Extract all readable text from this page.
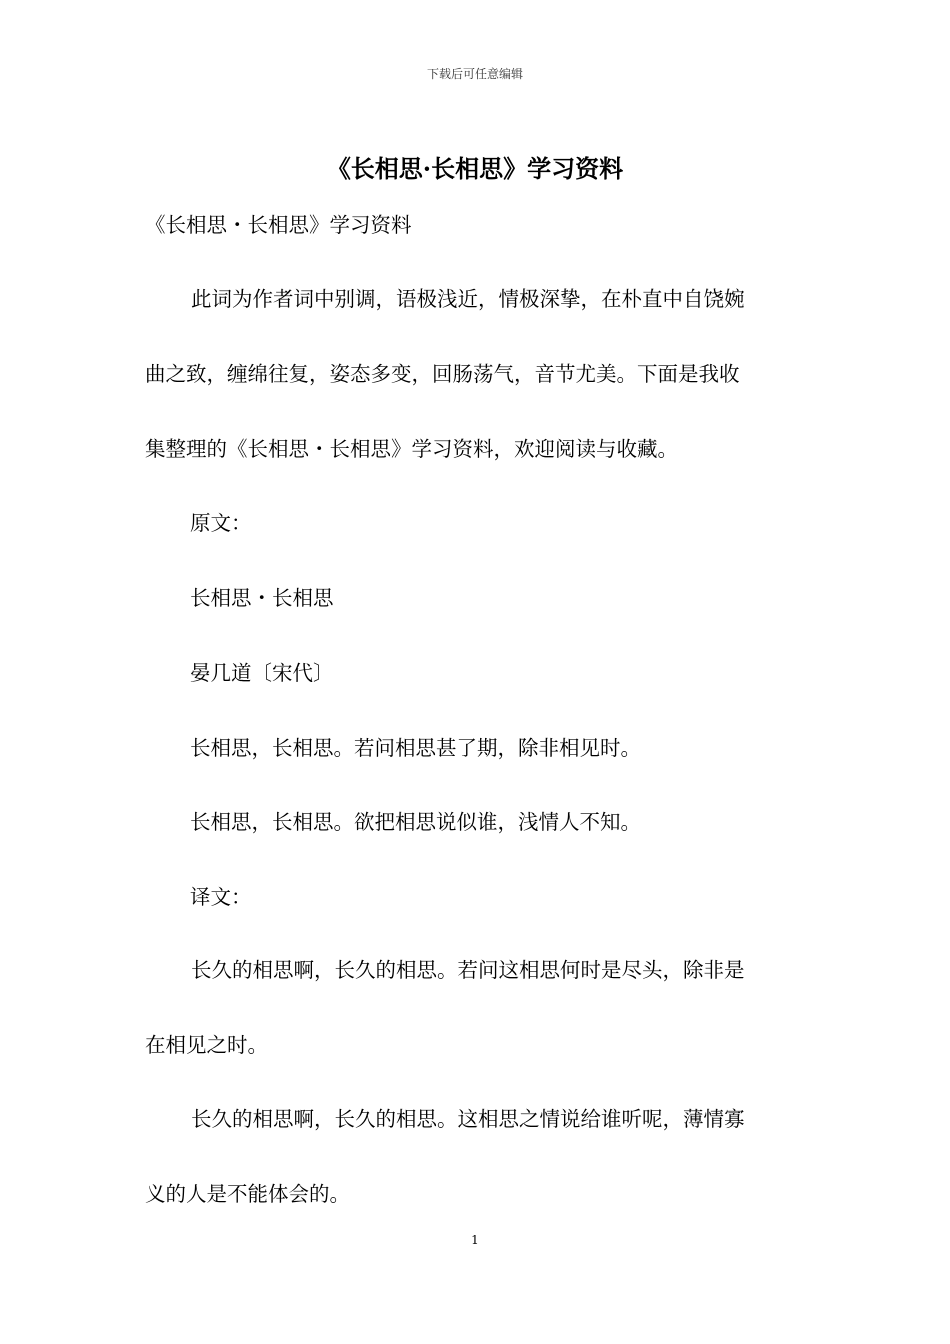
下载后可任意编辑
《长相思·长相思》学习资料

《长相思・长相思》学习资料

此词为作者词中别调，语极浅近，情极深挚，在朴直中自饶婉
曲之致，缠绵往复，姿态多变，回肠荡气，音节尤美。下面是我收
集整理的《长相思・长相思》学习资料，欢迎阅读与收藏。

原文：

长相思・长相思

晏几道〔宋代〕

长相思，长相思。若问相思甚了期，除非相见时。

长相思，长相思。欲把相思说似谁，浅情人不知。

译文：

长久的相思啊，长久的相思。若问这相思何时是尽头，除非是
在相见之时。
长久的相思啊，长久的相思。这相思之情说给谁听呢，薄情寡
义的人是不能体会的。
1
